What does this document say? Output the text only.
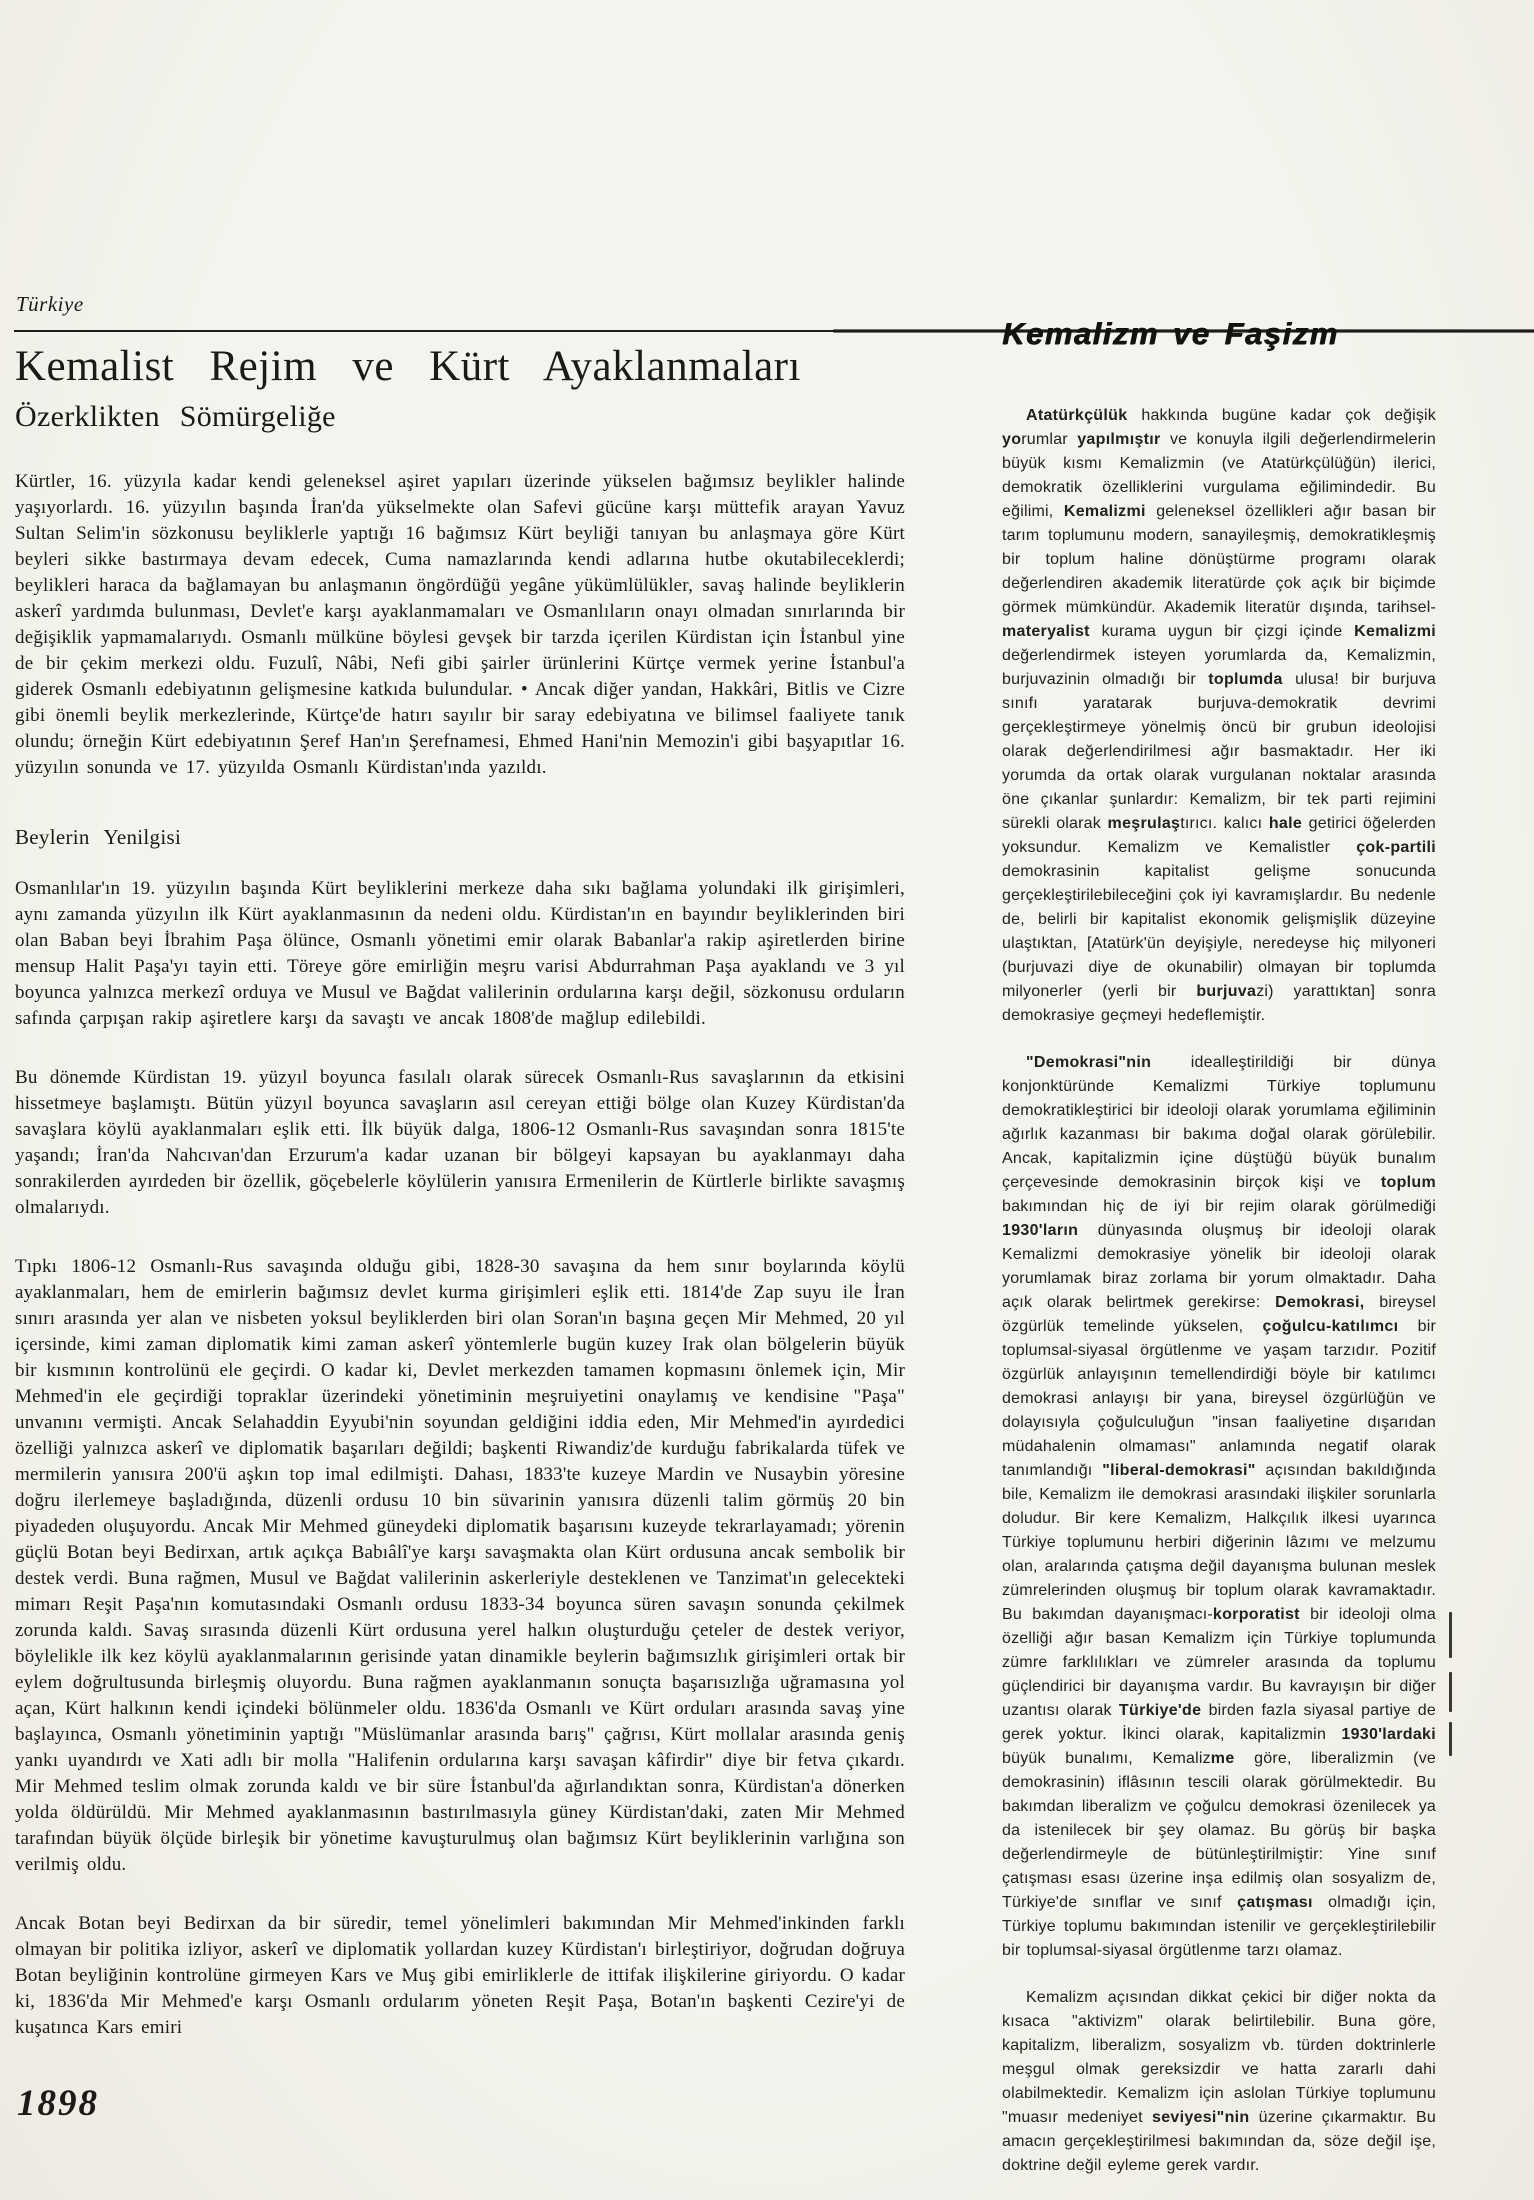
Türkiye
Kemalist Rejim ve Kürt Ayaklanmaları
Özerklikten Sömürgeliğe

Kürtler, 16. yüzyıla kadar kendi geleneksel aşiret yapıları üzerinde yükselen bağımsız beylikler halinde yaşıyorlardı. 16. yüzyılın başında İran'da yükselmekte olan Safevi gücüne karşı müttefik arayan Yavuz Sultan Selim'in sözkonusu beyliklerle yaptığı 16 bağımsız Kürt beyliği tanıyan bu anlaşmaya göre Kürt beyleri sikke bastırmaya devam edecek, Cuma namazlarında kendi adlarına hutbe okutabileceklerdi; beylikleri haraca da bağlamayan bu anlaşmanın öngördüğü yegâne yükümlülükler, savaş halinde beyliklerin askerî yardımda bulunması, Devlet'e karşı ayaklanmamaları ve Osmanlıların onayı olmadan sınırlarında bir değişiklik yapmamalarıydı. Osmanlı mülküne böylesi gevşek bir tarzda içerilen Kürdistan için İstanbul yine de bir çekim merkezi oldu. Fuzulî, Nâbi, Nefi gibi şairler ürünlerini Kürtçe vermek yerine İstanbul'a giderek Osmanlı edebiyatının gelişmesine katkıda bulundular. • Ancak diğer yandan, Hakkâri, Bitlis ve Cizre gibi önemli beylik merkezlerinde, Kürtçe'de hatırı sayılır bir saray edebiyatına ve bilimsel faaliyete tanık olundu; örneğin Kürt edebiyatının Şeref Han'ın Şerefnamesi, Ehmed Hani'nin Memozin'i gibi başyapıtlar 16. yüzyılın sonunda ve 17. yüzyılda Osmanlı Kürdistan'ında yazıldı.

Beylerin Yenilgisi

Osmanlılar'ın 19. yüzyılın başında Kürt beyliklerini merkeze daha sıkı bağlama yolundaki ilk girişimleri, aynı zamanda yüzyılın ilk Kürt ayaklanmasının da nedeni oldu. Kürdistan'ın en bayındır beyliklerinden biri olan Baban beyi İbrahim Paşa ölünce, Osmanlı yönetimi emir olarak Babanlar'a rakip aşiretlerden birine mensup Halit Paşa'yı tayin etti. Töreye göre emirliğin meşru varisi Abdurrahman Paşa ayaklandı ve 3 yıl boyunca yalnızca merkezî orduya ve Musul ve Bağdat valilerinin ordularına karşı değil, sözkonusu orduların safında çarpışan rakip aşiretlere karşı da savaştı ve ancak 1808'de mağlup edilebildi.

Bu dönemde Kürdistan 19. yüzyıl boyunca fasılalı olarak sürecek Osmanlı-Rus savaşlarının da etkisini hissetmeye başlamıştı. Bütün yüzyıl boyunca savaşların asıl cereyan ettiği bölge olan Kuzey Kürdistan'da savaşlara köylü ayaklanmaları eşlik etti. İlk büyük dalga, 1806-12 Osmanlı-Rus savaşından sonra 1815'te yaşandı; İran'da Nahcıvan'dan Erzurum'a kadar uzanan bir bölgeyi kapsayan bu ayaklanmayı daha sonrakilerden ayırdeden bir özellik, göçebelerle köylülerin yanısıra Ermenilerin de Kürtlerle birlikte savaşmış olmalarıydı.

Tıpkı 1806-12 Osmanlı-Rus savaşında olduğu gibi, 1828-30 savaşına da hem sınır boylarında köylü ayaklanmaları, hem de emirlerin bağımsız devlet kurma girişimleri eşlik etti. 1814'de Zap suyu ile İran sınırı arasında yer alan ve nisbeten yoksul beyliklerden biri olan Soran'ın başına geçen Mir Mehmed, 20 yıl içersinde, kimi zaman diplomatik kimi zaman askerî yöntemlerle bugün kuzey Irak olan bölgelerin büyük bir kısmının kontrolünü ele geçirdi. O kadar ki, Devlet merkezden tamamen kopmasını önlemek için, Mir Mehmed'in ele geçirdiği topraklar üzerindeki yönetiminin meşruiyetini onaylamış ve kendisine "Paşa" unvanını vermişti. Ancak Selahaddin Eyyubi'nin soyundan geldiğini iddia eden, Mir Mehmed'in ayırdedici özelliği yalnızca askerî ve diplomatik başarıları değildi; başkenti Riwandiz'de kurduğu fabrikalarda tüfek ve mermilerin yanısıra 200'ü aşkın top imal edilmişti. Dahası, 1833'te kuzeye Mardin ve Nusaybin yöresine doğru ilerlemeye başladığında, düzenli ordusu 10 bin süvarinin yanısıra düzenli talim görmüş 20 bin piyadeden oluşuyordu. Ancak Mir Mehmed güneydeki diplomatik başarısını kuzeyde tekrarlayamadı; yörenin güçlü Botan beyi Bedirxan, artık açıkça Babıâlî'ye karşı savaşmakta olan Kürt ordusuna ancak sembolik bir destek verdi. Buna rağmen, Musul ve Bağdat valilerinin askerleriyle desteklenen ve Tanzimat'ın gelecekteki mimarı Reşit Paşa'nın komutasındaki Osmanlı ordusu 1833-34 boyunca süren savaşın sonunda çekilmek zorunda kaldı. Savaş sırasında düzenli Kürt ordusuna yerel halkın oluşturduğu çeteler de destek veriyor, böylelikle ilk kez köylü ayaklanmalarının gerisinde yatan dinamikle beylerin bağımsızlık girişimleri ortak bir eylem doğrultusunda birleşmiş oluyordu. Buna rağmen ayaklanmanın sonuçta başarısızlığa uğramasına yol açan, Kürt halkının kendi içindeki bölünmeler oldu. 1836'da Osmanlı ve Kürt orduları arasında savaş yine başlayınca, Osmanlı yönetiminin yaptığı "Müslümanlar arasında barış" çağrısı, Kürt mollalar arasında geniş yankı uyandırdı ve Xati adlı bir molla "Halifenin ordularına karşı savaşan kâfirdir" diye bir fetva çıkardı. Mir Mehmed teslim olmak zorunda kaldı ve bir süre İstanbul'da ağırlandıktan sonra, Kürdistan'a dönerken yolda öldürüldü. Mir Mehmed ayaklanmasının bastırılmasıyla güney Kürdistan'daki, zaten Mir Mehmed tarafından büyük ölçüde birleşik bir yönetime kavuşturulmuş olan bağımsız Kürt beyliklerinin varlığına son verilmiş oldu.

Ancak Botan beyi Bedirxan da bir süredir, temel yönelimleri bakımından Mir Mehmed'inkinden farklı olmayan bir politika izliyor, askerî ve diplomatik yollardan kuzey Kürdistan'ı birleştiriyor, doğrudan doğruya Botan beyliğinin kontrolüne girmeyen Kars ve Muş gibi emirliklerle de ittifak ilişkilerine giriyordu. O kadar ki, 1836'da Mir Mehmed'e karşı Osmanlı ordularım yöneten Reşit Paşa, Botan'ın başkenti Cezire'yi de kuşatınca Kars emiri

Kemalizm ve Faşizm

Atatürkçülük hakkında bugüne kadar çok değişik yorumlar yapılmıştır ve konuyla ilgili değerlendirmelerin büyük kısmı Kemalizmin (ve Atatürkçülüğün) ilerici, demokratik özelliklerini vurgulama eğilimindedir. Bu eğilimi, Kemalizmi geleneksel özellikleri ağır basan bir tarım toplumunu modern, sanayileşmiş, demokratikleşmiş bir toplum haline dönüştürme programı olarak değerlendiren akademik literatürde çok açık bir biçimde görmek mümkündür. Akademik literatür dışında, tarihsel-materyalist kurama uygun bir çizgi içinde Kemalizmi değerlendirmek isteyen yorumlarda da, Kemalizmin, burjuvazinin olmadığı bir toplumda ulusa! bir burjuva sınıfı yaratarak burjuva-demokratik devrimi gerçekleştirmeye yönelmiş öncü bir grubun ideolojisi olarak değerlendirilmesi ağır basmaktadır. Her iki yorumda da ortak olarak vurgulanan noktalar arasında öne çıkanlar şunlardır: Kemalizm, bir tek parti rejimini sürekli olarak meşrulaştırıcı. kalıcı hale getirici öğelerden yoksundur. Kemalizm ve Kemalistler çok-partili demokrasinin kapitalist gelişme sonucunda gerçekleştirilebileceğini çok iyi kavramışlardır. Bu nedenle de, belirli bir kapitalist ekonomik gelişmişlik düzeyine ulaştıktan, [Atatürk'ün deyişiyle, neredeyse hiç milyoneri (burjuvazi diye de okunabilir) olmayan bir toplumda milyonerler (yerli bir burjuvazi) yarattıktan] sonra demokrasiye geçmeyi hedeflemiştir.

"Demokrasi"nin idealleştirildiği bir dünya konjonktüründe Kemalizmi Türkiye toplumunu demokratikleştirici bir ideoloji olarak yorumlama eğiliminin ağırlık kazanması bir bakıma doğal olarak görülebilir. Ancak, kapitalizmin içine düştüğü büyük bunalım çerçevesinde demokrasinin birçok kişi ve toplum bakımından hiç de iyi bir rejim olarak görülmediği 1930'ların dünyasında oluşmuş bir ideoloji olarak Kemalizmi demokrasiye yönelik bir ideoloji olarak yorumlamak biraz zorlama bir yorum olmaktadır. Daha açık olarak belirtmek gerekirse: Demokrasi, bireysel özgürlük temelinde yükselen, çoğulcu-katılımcı bir toplumsal-siyasal örgütlenme ve yaşam tarzıdır. Pozitif özgürlük anlayışının temellendirdiği böyle bir katılımcı demokrasi anlayışı bir yana, bireysel özgürlüğün ve dolayısıyla çoğulculuğun "insan faaliyetine dışarıdan müdahalenin olmaması" anlamında negatif olarak tanımlandığı "liberal-demokrasi" açısından bakıldığında bile, Kemalizm ile demokrasi arasındaki ilişkiler sorunlarla doludur. Bir kere Kemalizm, Halkçılık ilkesi uyarınca Türkiye toplumunu herbiri diğerinin lâzımı ve melzumu olan, aralarında çatışma değil dayanışma bulunan meslek zümrelerinden oluşmuş bir toplum olarak kavramaktadır. Bu bakımdan dayanışmacı-korporatist bir ideoloji olma özelliği ağır basan Kemalizm için Türkiye toplumunda zümre farklılıkları ve zümreler arasında da toplumu güçlendirici bir dayanışma vardır. Bu kavrayışın bir diğer uzantısı olarak Türkiye'de birden fazla siyasal partiye de gerek yoktur. İkinci olarak, kapitalizmin 1930'lardaki büyük bunalımı, Kemalizme göre, liberalizmin (ve demokrasinin) iflâsının tescili olarak görülmektedir. Bu bakımdan liberalizm ve çoğulcu demokrasi özenilecek ya da istenilecek bir şey olamaz. Bu görüş bir başka değerlendirmeyle de bütünleştirilmiştir: Yine sınıf çatışması esası üzerine inşa edilmiş olan sosyalizm de, Türkiye'de sınıflar ve sınıf çatışması olmadığı için, Türkiye toplumu bakımından istenilir ve gerçekleştirilebilir bir toplumsal-siyasal örgütlenme tarzı olamaz.

Kemalizm açısından dikkat çekici bir diğer nokta da kısaca "aktivizm" olarak belirtilebilir. Buna göre, kapitalizm, liberalizm, sosyalizm vb. türden doktrinlerle meşgul olmak gereksizdir ve hatta zararlı dahi olabilmektedir. Kemalizm için aslolan Türkiye toplumunu "muasır medeniyet seviyesi"nin üzerine çıkarmaktır. Bu amacın gerçekleştirilmesi bakımından da, söze değil işe, doktrine değil eyleme gerek vardır.

1898
